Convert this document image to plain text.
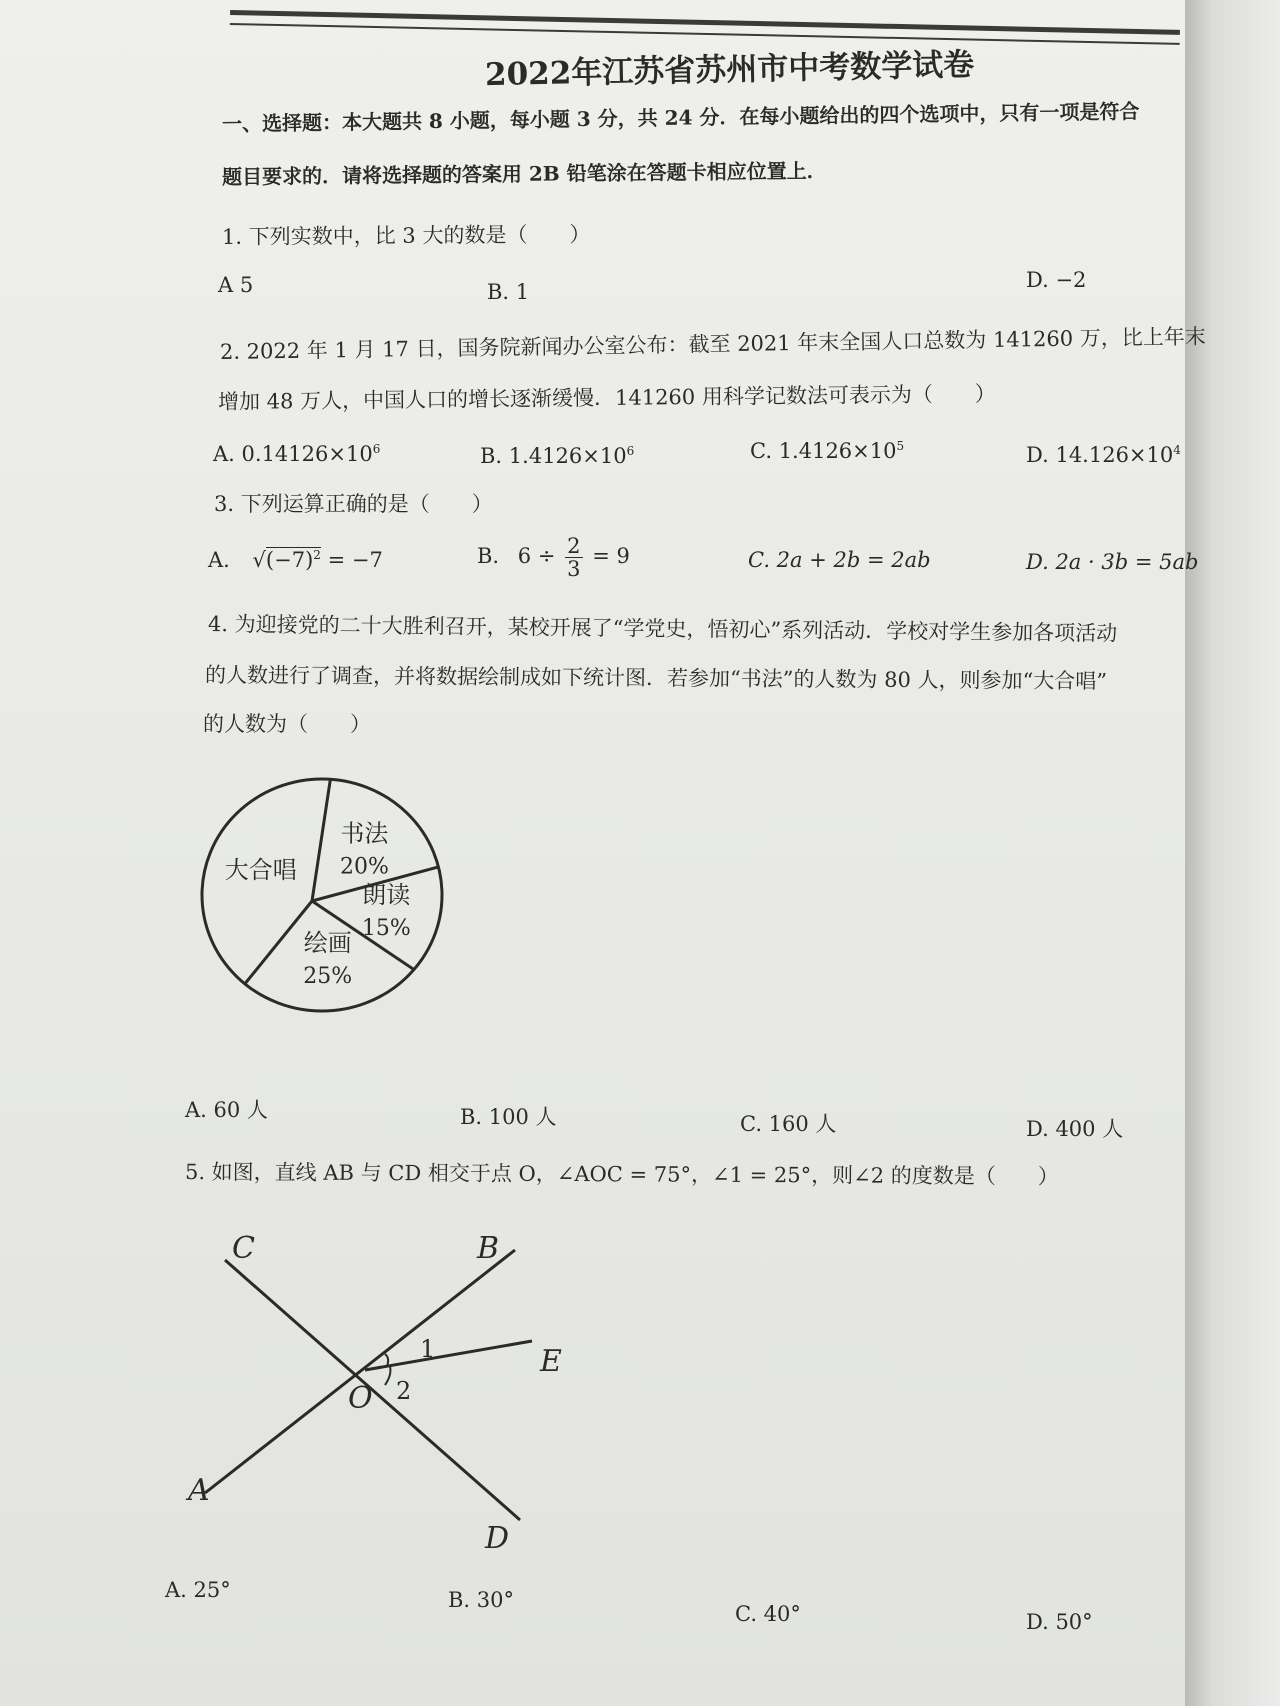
2022年江苏省苏州市中考数学试卷
一、选择题：本大题共 8 小题，每小题 3 分，共 24 分．在每小题给出的四个选项中，只有一项是符合
题目要求的．请将选择题的答案用 2B 铅笔涂在答题卡相应位置上．
1. 下列实数中，比 3 大的数是（　　）
A 5	B. 1	D. −2
2. 2022 年 1 月 17 日，国务院新闻办公室公布：截至 2021 年末全国人口总数为 141260 万，比上年末
增加 48 万人，中国人口的增长逐渐缓慢．141260 用科学记数法可表示为（　　）
A. $0.14126\times 10^6$	B. $1.4126\times 10^6$	C. $1.4126\times 10^5$	D. $14.126\times 10^4$
3. 下列运算正确的是（　　）
A. $√(-7)^2 = -7$	B. $6 \div \frac{2}{3} = 9$	C. 2a + 2b = 2ab	D. 2a · 3b = 5ab
4. 为迎接党的二十大胜利召开，某校开展了“学党史，悟初心”系列活动．学校对学生参加各项活动
的人数进行了调查，并将数据绘制成如下统计图．若参加“书法”的人数为 80 人，则参加“大合唱”
的人数为（　　）
书法
20%
朗读
15%
绘画
25%
大合唱
A. 60 人	B. 100 人	C. 160 人	D. 400 人
5. 如图，直线 AB 与 CD 相交于点 O，∠AOC = 75°，∠1 = 25°，则∠2 的度数是（　　）
C	B
E
O
A
D
1
2
A. 25°	B. 30°
C. 40°	D. 50°
